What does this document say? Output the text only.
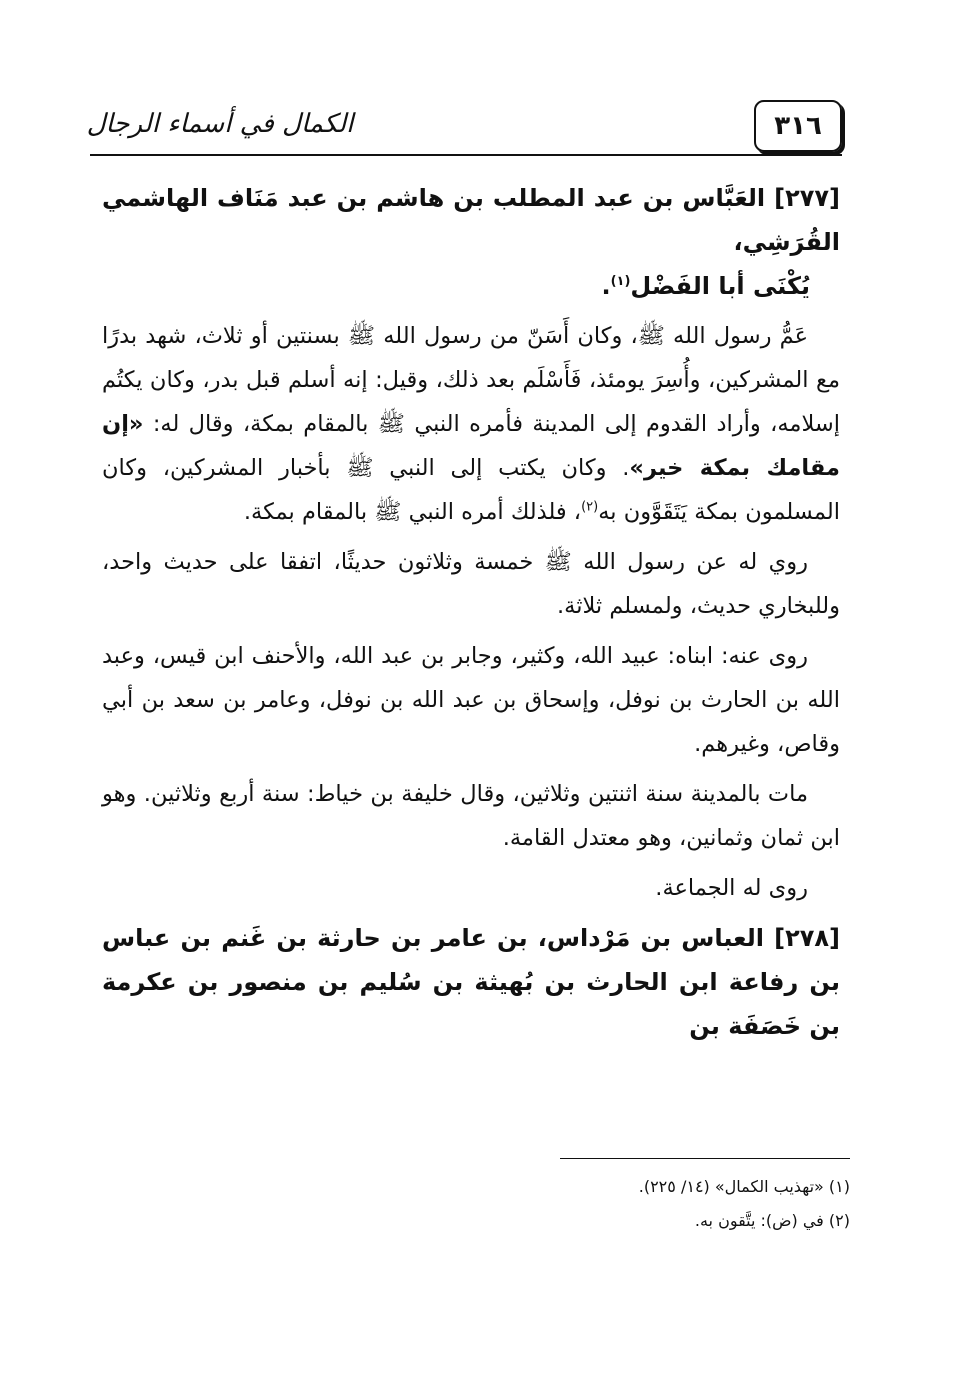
٣١٦
الكمال في أسماء الرجال

[٢٧٧] العَبَّاس بن عبد المطلب بن هاشم بن عبد مَنَاف الهاشمي القُرَشِي،
يُكْنَى أبا الفَضْل$^{(١)}$.

عَمُّ رسول الله ﷺ، وكان أَسَنّ من رسول الله ﷺ بسنتين أو ثلاث، شهد بدرًا مع المشركين، وأُسِرَ يومئذ، فَأَسْلَم بعد ذلك، وقيل: إنه أسلم قبل بدر، وكان يكتُم إسلامه، وأراد القدوم إلى المدينة فأمره النبي ﷺ بالمقام بمكة، وقال له: «إن مقامك بمكة خير». وكان يكتب إلى النبي ﷺ بأخبار المشركين، وكان المسلمون بمكة يَتَقَوَّون به$^{(٢)}$، فلذلك أمره النبي ﷺ بالمقام بمكة.

روي له عن رسول الله ﷺ خمسة وثلاثون حديثًا، اتفقا على حديث واحد، وللبخاري حديث، ولمسلم ثلاثة.

روى عنه: ابناه: عبيد الله، وكثير، وجابر بن عبد الله، والأحنف ابن قيس، وعبد الله بن الحارث بن نوفل، وإسحاق بن عبد الله بن نوفل، وعامر بن سعد بن أبي وقاص، وغيرهم.

مات بالمدينة سنة اثنتين وثلاثين، وقال خليفة بن خياط: سنة أربع وثلاثين. وهو ابن ثمان وثمانين، وهو معتدل القامة.

روى له الجماعة.

[٢٧٨] العباس بن مَرْداس، بن عامر بن حارثة بن غَنم بن عباس بن رفاعة ابن الحارث بن بُهيثة بن سُليم بن منصور بن عكرمة بن خَصَفَة بن

(١) «تهذيب الكمال» (١٤/ ٢٢٥).
(٢) في (ض): يتَّقون به.
